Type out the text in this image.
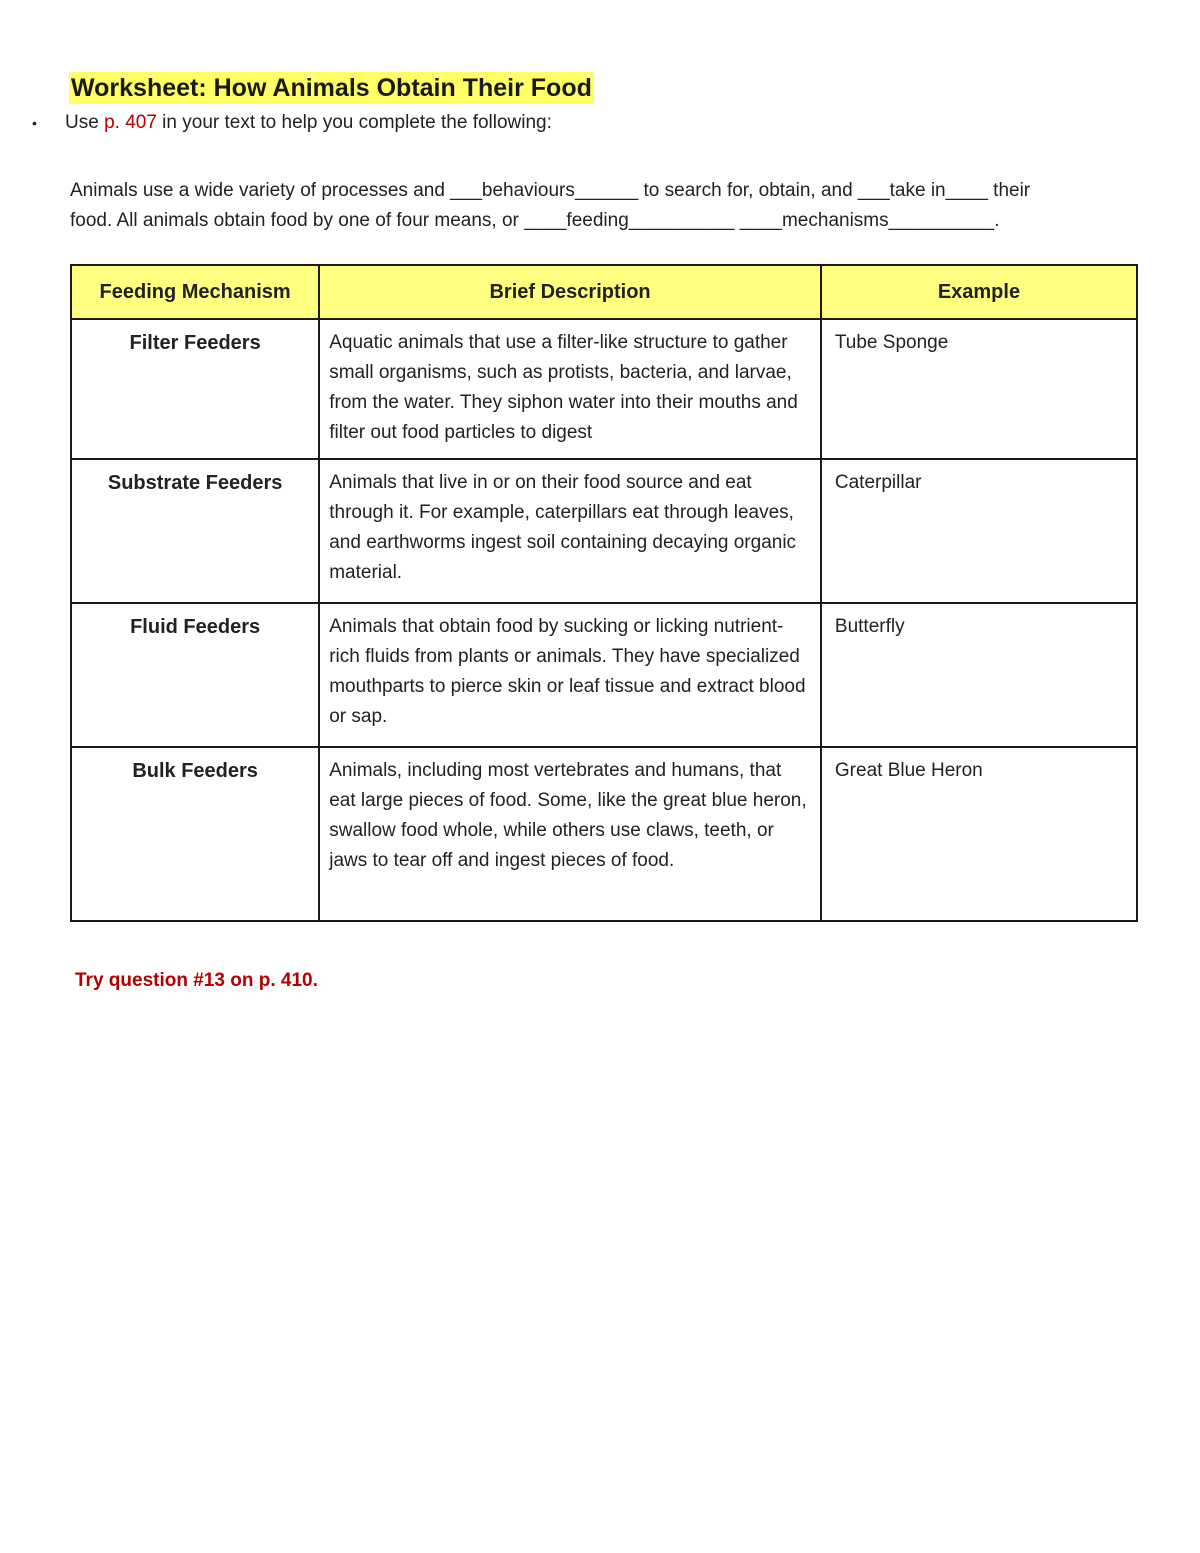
Worksheet: How Animals Obtain Their Food
• Use p. 407 in your text to help you complete the following:
Animals use a wide variety of processes and ___behaviours______ to search for, obtain, and ___take in____ their
food. All animals obtain food by one of four means, or ____feeding__________ ____mechanisms__________.
Feeding Mechanism	Brief Description	Example
Filter Feeders	Aquatic animals that use a filter-like structure to gather small organisms, such as protists, bacteria, and larvae, from the water. They siphon water into their mouths and filter out food particles to digest	Tube Sponge
Substrate Feeders	Animals that live in or on their food source and eat through it. For example, caterpillars eat through leaves, and earthworms ingest soil containing decaying organic material.	Caterpillar
Fluid Feeders	Animals that obtain food by sucking or licking nutrient-rich fluids from plants or animals. They have specialized mouthparts to pierce skin or leaf tissue and extract blood or sap.	Butterfly
Bulk Feeders	Animals, including most vertebrates and humans, that eat large pieces of food. Some, like the great blue heron, swallow food whole, while others use claws, teeth, or jaws to tear off and ingest pieces of food.	Great Blue Heron
Try question #13 on p. 410.
